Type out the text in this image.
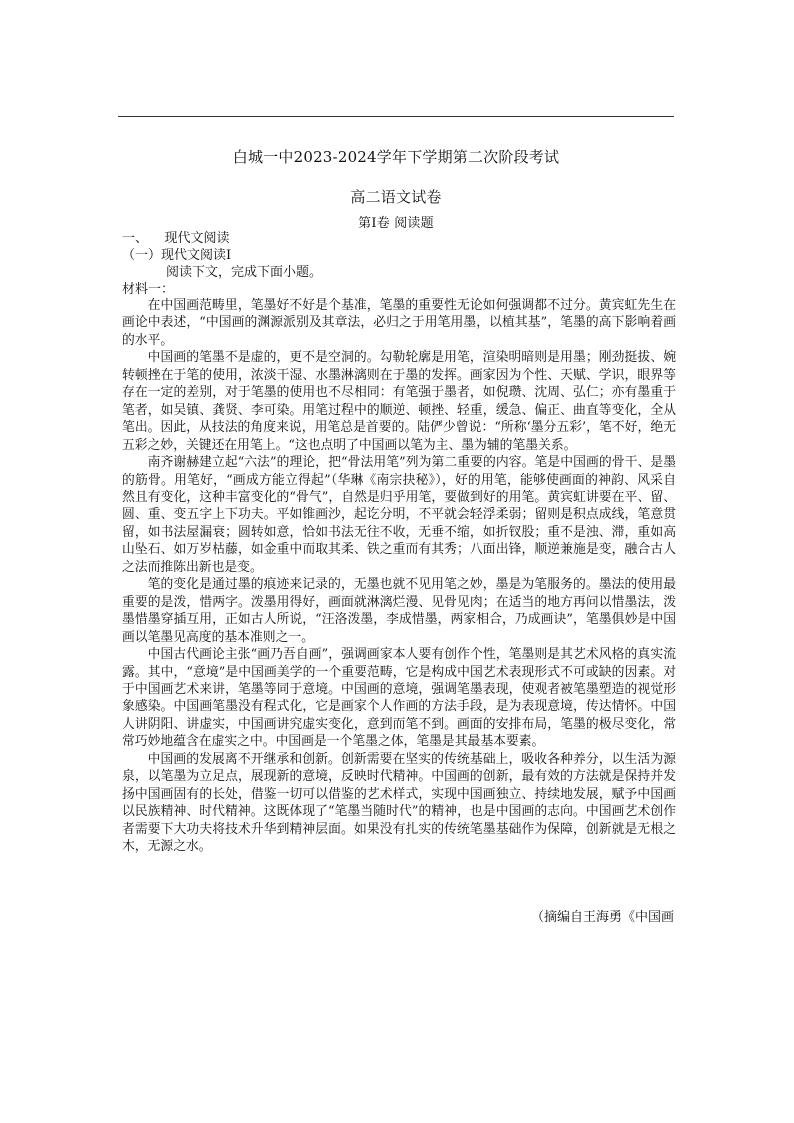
白城一中2023-2024学年下学期第二次阶段考试
高二语文试卷
第Ⅰ卷 阅读题
一、    现代文阅读
（一）现代文阅读Ⅰ
阅读下文，完成下面小题。
材料一：

在中国画范畴里，笔墨好不好是个基准，笔墨的重要性无论如何强调都不过分。黄宾虹先生在画论中表述，“中国画的渊源派别及其章法，必归之于用笔用墨，以植其基”，笔墨的高下影响着画的水平。

中国画的笔墨不是虚的，更不是空洞的。勾勒轮廓是用笔，渲染明暗则是用墨；刚劲挺拔、婉转顿挫在于笔的使用，浓淡干湿、水墨淋漓则在于墨的发挥。画家因为个性、天赋、学识，眼界等存在一定的差别，对于笔墨的使用也不尽相同：有笔强于墨者，如倪瓒、沈周、弘仁；亦有墨重于笔者，如吴镇、龚贤、李可染。用笔过程中的顺逆、顿挫、轻重，缓急、偏正、曲直等变化，全从笔出。因此，从技法的角度来说，用笔总是首要的。陆俨少曾说：“所称‘墨分五彩’，笔不好，绝无五彩之妙，关键还在用笔上。“这也点明了中国画以笔为主、墨为辅的笔墨关系。

南齐谢赫建立起“六法”的理论，把“骨法用笔”列为第二重要的内容。笔是中国画的骨干、是墨的筋骨。用笔好，“画成方能立得起”（华琳《南宗抉秘》），好的用笔，能够使画面的神韵、风采自然且有变化，这种丰富变化的“骨气”，自然是归乎用笔，要做到好的用笔。黄宾虹讲要在平、留、圆、重、变五字上下功夫。平如锥画沙，起讫分明，不平就会轻浮柔弱；留则是积点成线，笔意贯留，如书法屋漏衰；圆转如意，恰如书法无往不收，无垂不缩，如折钗股；重不是浊、滞，重如高山坠石、如万岁枯藤，如金重中而取其柔、铁之重而有其秀；八面出锋，顺逆兼施是变，融合古人之法而推陈出新也是变。

笔的变化是通过墨的痕迹来记录的，无墨也就不见用笔之妙，墨是为笔服务的。墨法的使用最重要的是泼，惜两字。泼墨用得好，画面就淋漓烂漫、见骨见肉；在适当的地方再问以惜墨法，泼墨惜墨穿插互用，正如古人所说，“汪洛泼墨，李成惜墨，两家相合，乃成画诀”，笔墨俱妙是中国画以笔墨见高度的基本准则之一。

中国古代画论主张“画乃吾自画”，强调画家本人要有创作个性，笔墨则是其艺术风格的真实流露。其中，“意境”是中国画美学的一个重要范畴，它是构成中国艺术表现形式不可或缺的因素。对于中国画艺术来讲，笔墨等同于意境。中国画的意境，强调笔墨表现，使观者被笔墨塑造的视觉形象感染。中国画笔墨没有程式化，它是画家个人作画的方法手段，是为表现意境，传达情怀。中国人讲阴阳、讲虚实，中国画讲究虚实变化，意到而笔不到。画面的安排布局，笔墨的极尽变化，常常巧妙地蕴含在虚实之中。中国画是一个笔墨之体，笔墨是其最基本要素。

中国画的发展离不开继承和创新。创新需要在坚实的传统基础上，吸收各种养分，以生活为源泉，以笔墨为立足点，展现新的意境，反映时代精神。中国画的创新，最有效的方法就是保持并发扬中国画固有的长处，借鉴一切可以借鉴的艺术样式，实现中国画独立、持续地发展，赋予中国画以民族精神、时代精神。这既体现了“笔墨当随时代”的精神，也是中国画的志向。中国画艺术创作者需要下大功夫将技术升华到精神层面。如果没有扎实的传统笔墨基础作为保障，创新就是无根之木，无源之水。

（摘编自王海勇《中国画
